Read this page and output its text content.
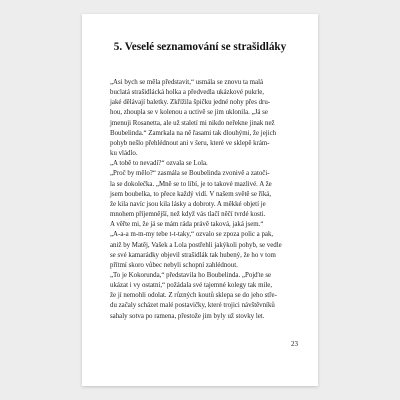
5. Veselé seznamování se strašidláky

„Asi bych se měla představit,“ usmála se znovu ta malá
buclatá strašidlácká holka a předvedla ukázkové pukrle,
jaké dělávají baletky. Zkřížila špičku jedné nohy přes dru-
hou, zhoupla se v kolenou a uctivě se jim uklonila. „Já se
jmenuji Rosanetta, ale už staletí mi nikdo neřekne jinak než
Boubelinda.“ Zamrkala na ně řasami tak dlouhými, že jejich
pohyb nešlo přehlédnout ani v šeru, které ve sklepě krám-
ku vládlo.

„A tobě to nevadí?“ ozvala se Lola.

„Proč by mělo?“ zasmála se Boubelinda zvonivě a zatoči-
la se dokolečka. „Mně se to líbí, je to takové mazlivé. A že
jsem boubelka, to přece každý vidí. V našem světě se říká,
že kila navíc jsou kila lásky a dobroty. A měkké objetí je
mnohem příjemnější, než když vás tlačí něčí tvrdé kosti.
A věřte mi, že já se mám ráda právě taková, jaká jsem.“

„A-a-a m-m-my tebe t-t-taky,“ ozvalo se zpoza polic a pak,
aniž by Matěj, Vašek a Lola postřehli jakýkoli pohyb, se vedle
se své kamarádky objevil strašidlák tak hubený, že ho v tom
přítmí skoro vůbec nebyli schopní zahlédnout.

„To je Kokorunda,“ představila ho Boubelinda. „Pojďte se
ukázat i vy ostatní,“ požádala své tajemné kolegy tak mile,
že jí nemohli odolat. Z různých koutů sklepa se do jeho stře-
du začaly scházet malé postavičky, které trojici návštěvníků
sahaly sotva po ramena, přestože jim byly už stovky let.

23
